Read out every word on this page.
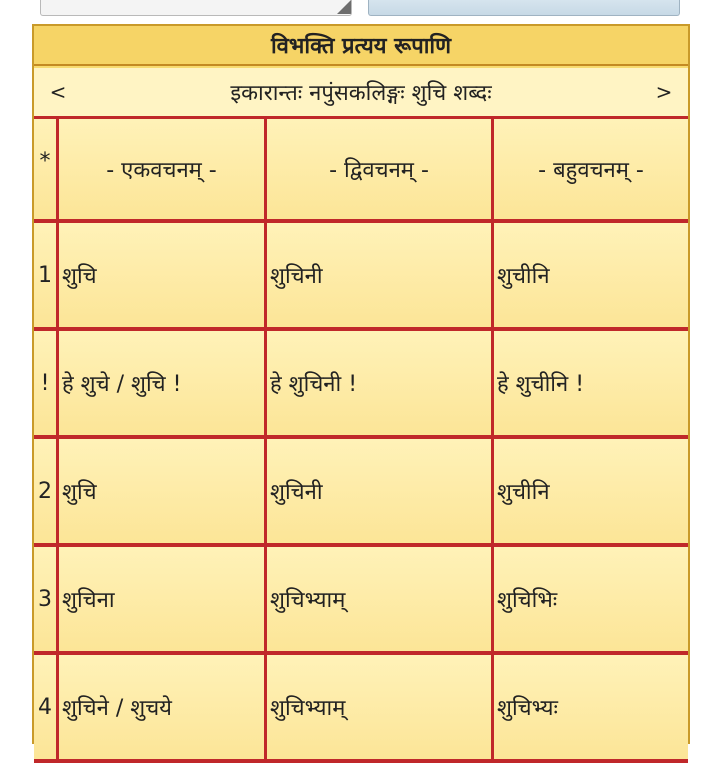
विभक्ति प्रत्यय रूपाणि
<	इकारान्तः नपुंसकलिङ्गः शुचि शब्दः	>
*	- एकवचनम् -	- द्विवचनम् -	- बहुवचनम् -
1 शुचि	शुचिनी	शुचीनि
! हे शुचे / शुचि !	हे शुचिनी !	हे शुचीनि !
2 शुचि	शुचिनी	शुचीनि
3 शुचिना	शुचिभ्याम्	शुचिभिः
4 शुचिने / शुचये	शुचिभ्याम्	शुचिभ्यः
